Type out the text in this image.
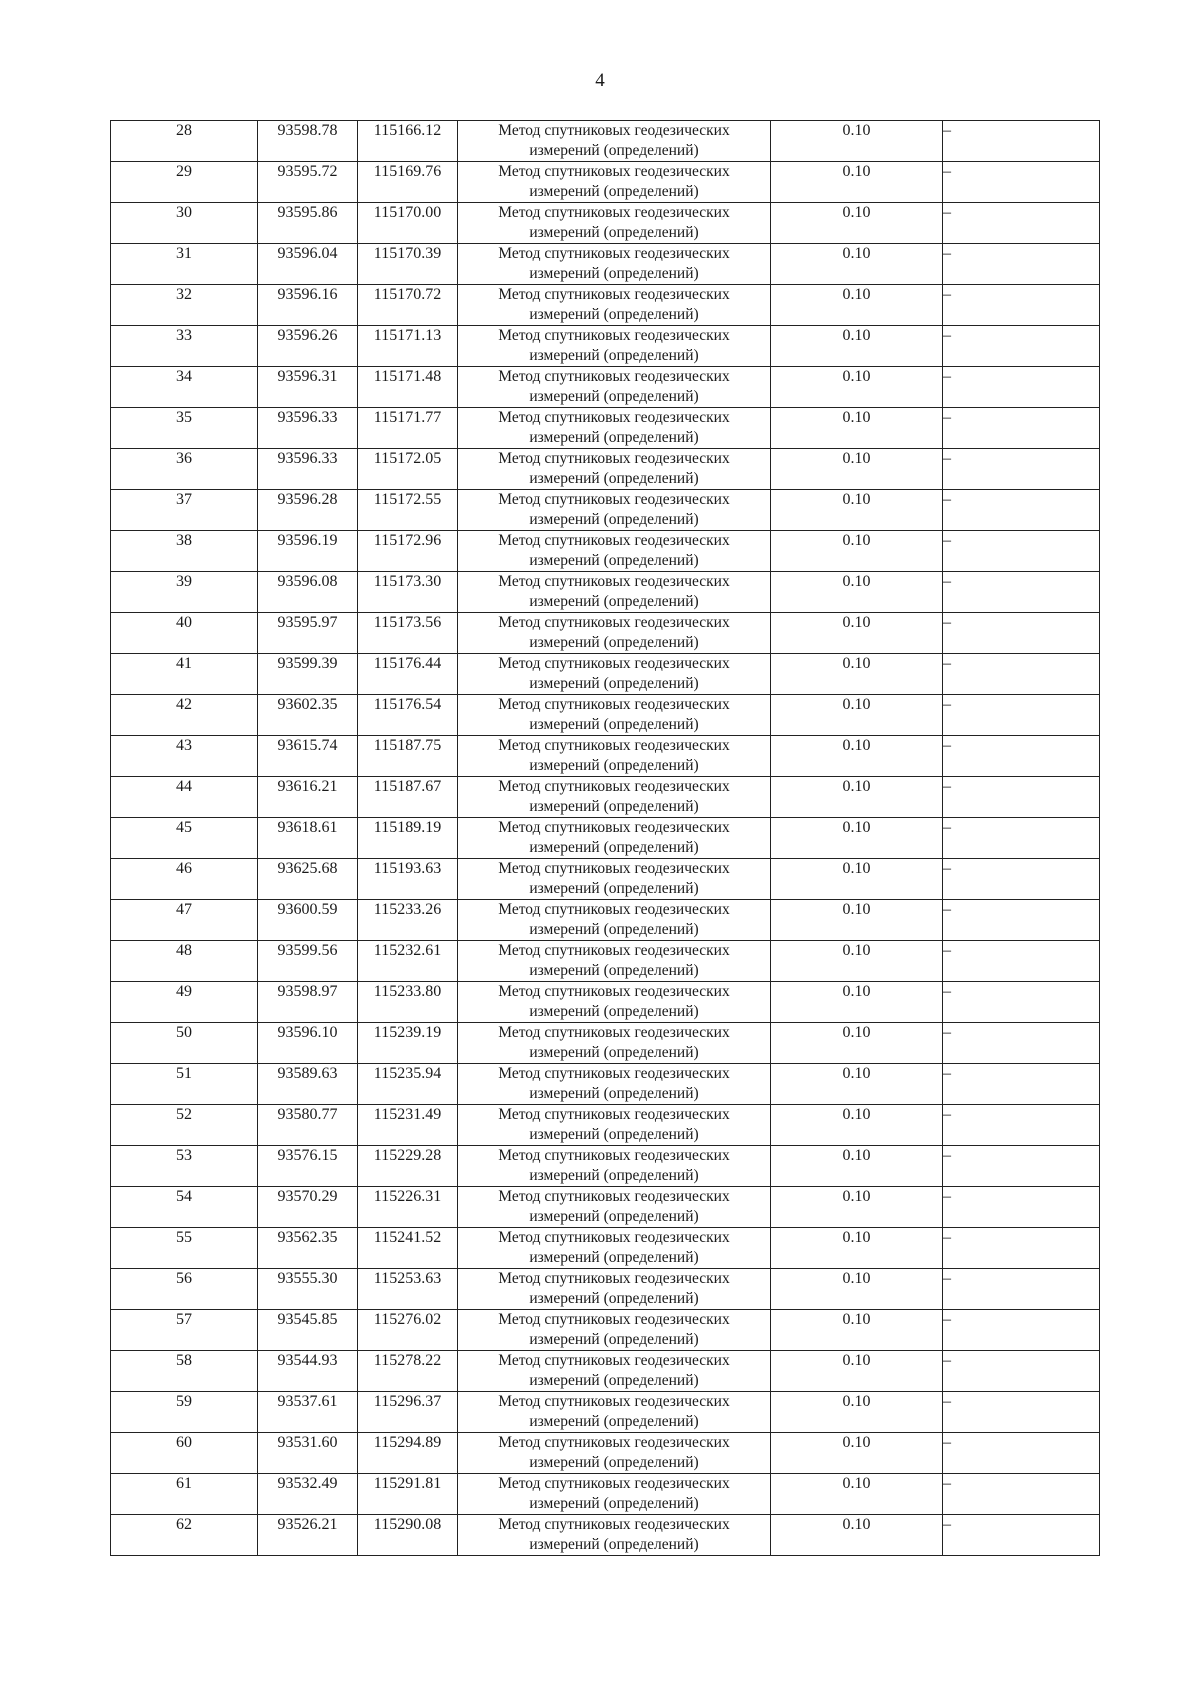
4
28	93598.78	115166.12	Метод спутниковых геодезических
измерений (определений)	0.10	–
29	93595.72	115169.76	Метод спутниковых геодезических
измерений (определений)	0.10	–
30	93595.86	115170.00	Метод спутниковых геодезических
измерений (определений)	0.10	–
31	93596.04	115170.39	Метод спутниковых геодезических
измерений (определений)	0.10	–
32	93596.16	115170.72	Метод спутниковых геодезических
измерений (определений)	0.10	–
33	93596.26	115171.13	Метод спутниковых геодезических
измерений (определений)	0.10	–
34	93596.31	115171.48	Метод спутниковых геодезических
измерений (определений)	0.10	–
35	93596.33	115171.77	Метод спутниковых геодезических
измерений (определений)	0.10	–
36	93596.33	115172.05	Метод спутниковых геодезических
измерений (определений)	0.10	–
37	93596.28	115172.55	Метод спутниковых геодезических
измерений (определений)	0.10	–
38	93596.19	115172.96	Метод спутниковых геодезических
измерений (определений)	0.10	–
39	93596.08	115173.30	Метод спутниковых геодезических
измерений (определений)	0.10	–
40	93595.97	115173.56	Метод спутниковых геодезических
измерений (определений)	0.10	–
41	93599.39	115176.44	Метод спутниковых геодезических
измерений (определений)	0.10	–
42	93602.35	115176.54	Метод спутниковых геодезических
измерений (определений)	0.10	–
43	93615.74	115187.75	Метод спутниковых геодезических
измерений (определений)	0.10	–
44	93616.21	115187.67	Метод спутниковых геодезических
измерений (определений)	0.10	–
45	93618.61	115189.19	Метод спутниковых геодезических
измерений (определений)	0.10	–
46	93625.68	115193.63	Метод спутниковых геодезических
измерений (определений)	0.10	–
47	93600.59	115233.26	Метод спутниковых геодезических
измерений (определений)	0.10	–
48	93599.56	115232.61	Метод спутниковых геодезических
измерений (определений)	0.10	–
49	93598.97	115233.80	Метод спутниковых геодезических
измерений (определений)	0.10	–
50	93596.10	115239.19	Метод спутниковых геодезических
измерений (определений)	0.10	–
51	93589.63	115235.94	Метод спутниковых геодезических
измерений (определений)	0.10	–
52	93580.77	115231.49	Метод спутниковых геодезических
измерений (определений)	0.10	–
53	93576.15	115229.28	Метод спутниковых геодезических
измерений (определений)	0.10	–
54	93570.29	115226.31	Метод спутниковых геодезических
измерений (определений)	0.10	–
55	93562.35	115241.52	Метод спутниковых геодезических
измерений (определений)	0.10	–
56	93555.30	115253.63	Метод спутниковых геодезических
измерений (определений)	0.10	–
57	93545.85	115276.02	Метод спутниковых геодезических
измерений (определений)	0.10	–
58	93544.93	115278.22	Метод спутниковых геодезических
измерений (определений)	0.10	–
59	93537.61	115296.37	Метод спутниковых геодезических
измерений (определений)	0.10	–
60	93531.60	115294.89	Метод спутниковых геодезических
измерений (определений)	0.10	–
61	93532.49	115291.81	Метод спутниковых геодезических
измерений (определений)	0.10	–
62	93526.21	115290.08	Метод спутниковых геодезических
измерений (определений)	0.10	–
